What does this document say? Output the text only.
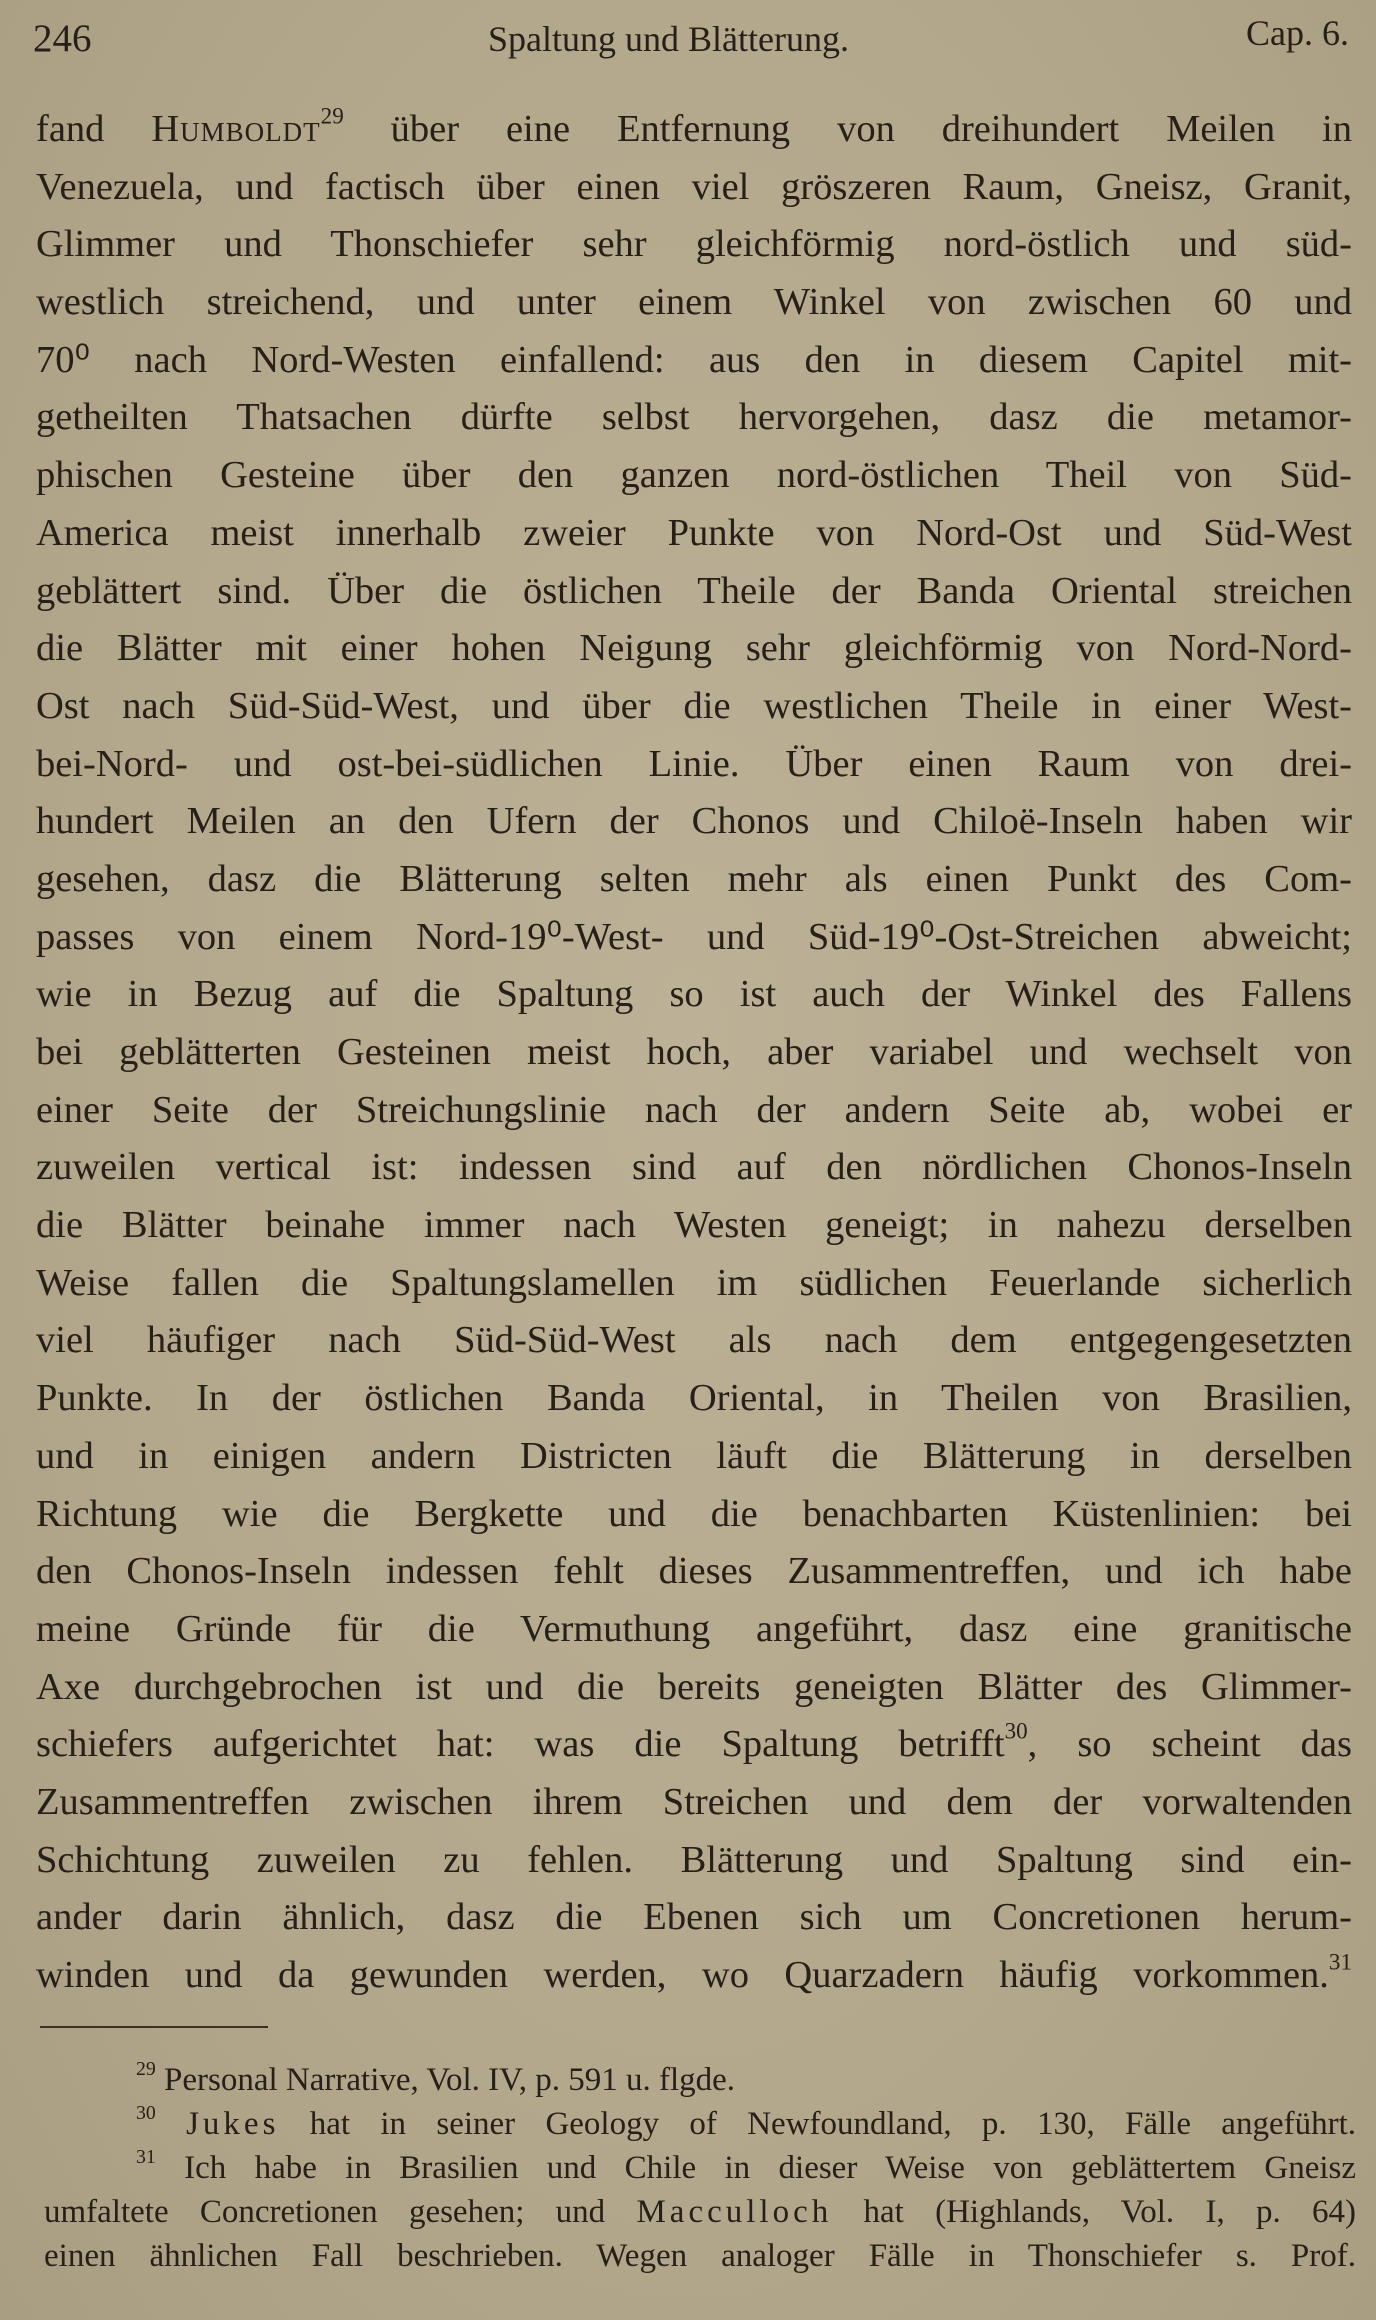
246	Spaltung und Blätterung.	Cap. 6.
fand Humboldt$^{29}$ über eine Entfernung von dreihundert Meilen in
Venezuela, und factisch über einen viel gröszeren Raum, Gneisz, Granit,
Glimmer und Thonschiefer sehr gleichförmig nord-östlich und süd-
westlich streichend, und unter einem Winkel von zwischen 60 und
70⁰ nach Nord-Westen einfallend: aus den in diesem Capitel mit-
getheilten Thatsachen dürfte selbst hervorgehen, dasz die metamor-
phischen Gesteine über den ganzen nord-östlichen Theil von Süd-
America meist innerhalb zweier Punkte von Nord-Ost und Süd-West
geblättert sind. Über die östlichen Theile der Banda Oriental streichen
die Blätter mit einer hohen Neigung sehr gleichförmig von Nord-Nord-
Ost nach Süd-Süd-West, und über die westlichen Theile in einer West-
bei-Nord- und ost-bei-südlichen Linie. Über einen Raum von drei-
hundert Meilen an den Ufern der Chonos und Chiloë-Inseln haben wir
gesehen, dasz die Blätterung selten mehr als einen Punkt des Com-
passes von einem Nord-19⁰-West- und Süd-19⁰-Ost-Streichen abweicht;
wie in Bezug auf die Spaltung so ist auch der Winkel des Fallens
bei geblätterten Gesteinen meist hoch, aber variabel und wechselt von
einer Seite der Streichungslinie nach der andern Seite ab, wobei er
zuweilen vertical ist: indessen sind auf den nördlichen Chonos-Inseln
die Blätter beinahe immer nach Westen geneigt; in nahezu derselben
Weise fallen die Spaltungslamellen im südlichen Feuerlande sicherlich
viel häufiger nach Süd-Süd-West als nach dem entgegengesetzten
Punkte. In der östlichen Banda Oriental, in Theilen von Brasilien,
und in einigen andern Districten läuft die Blätterung in derselben
Richtung wie die Bergkette und die benachbarten Küstenlinien: bei
den Chonos-Inseln indessen fehlt dieses Zusammentreffen, und ich habe
meine Gründe für die Vermuthung angeführt, dasz eine granitische
Axe durchgebrochen ist und die bereits geneigten Blätter des Glimmer-
schiefers aufgerichtet hat: was die Spaltung betrifft$^{30}$, so scheint das
Zusammentreffen zwischen ihrem Streichen und dem der vorwaltenden
Schichtung zuweilen zu fehlen. Blätterung und Spaltung sind ein-
ander darin ähnlich, dasz die Ebenen sich um Concretionen herum-
winden und da gewunden werden, wo Quarzadern häufig vorkommen.$^{31}$
$^{29}$ Personal Narrative, Vol. IV, p. 591 u. flgde.
$^{30}$ Jukes hat in seiner Geology of Newfoundland, p. 130, Fälle angeführt.
$^{31}$ Ich habe in Brasilien und Chile in dieser Weise von geblättertem Gneisz
umfaltete Concretionen gesehen; und Macculloch hat (Highlands, Vol. I, p. 64)
einen ähnlichen Fall beschrieben. Wegen analoger Fälle in Thonschiefer s. Prof.
